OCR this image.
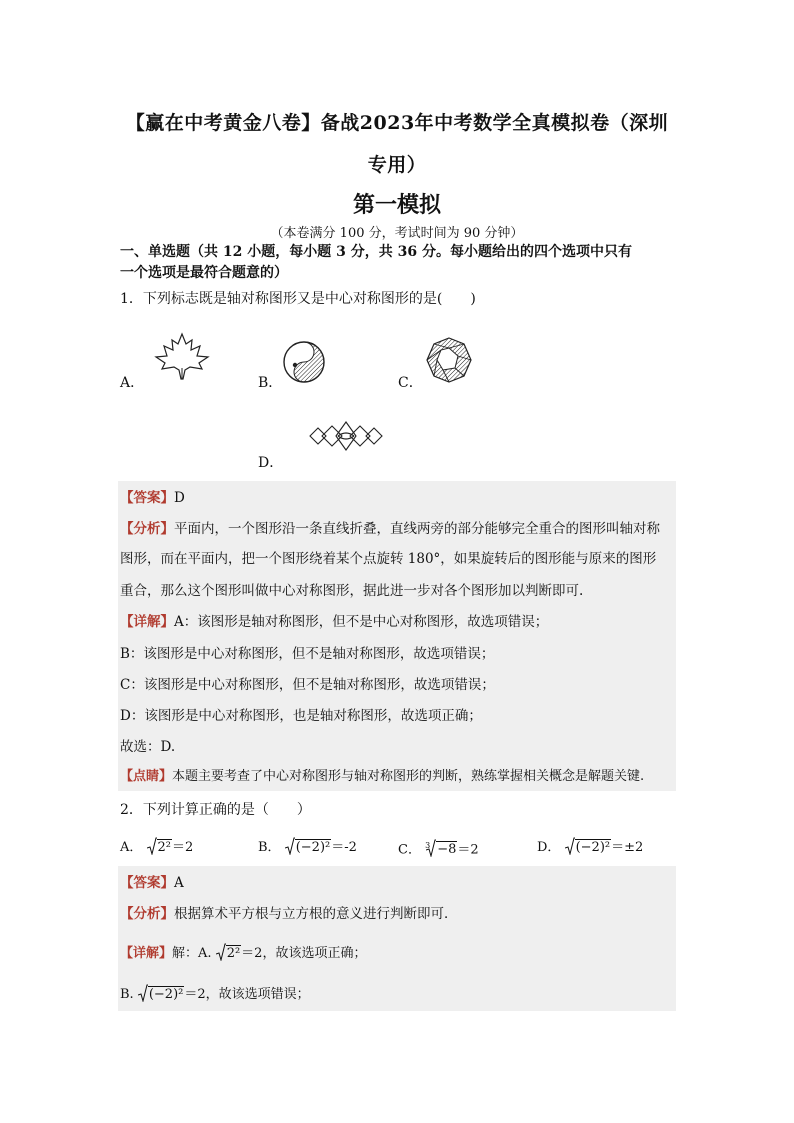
【赢在中考黄金八卷】备战2023年中考数学全真模拟卷（深圳
专用）
第一模拟
（本卷满分 100 分，考试时间为 90 分钟）
一、单选题（共 12 小题，每小题 3 分，共 36 分。每小题给出的四个选项中只有
一个选项是最符合题意的）
1．下列标志既是轴对称图形又是中心对称图形的是(　　)
A．	B．	C．
D．
【答案】D
【分析】平面内，一个图形沿一条直线折叠，直线两旁的部分能够完全重合的图形叫轴对称
图形，而在平面内，把一个图形绕着某个点旋转 180°，如果旋转后的图形能与原来的图形
重合，那么这个图形叫做中心对称图形，据此进一步对各个图形加以判断即可.
【详解】A：该图形是轴对称图形，但不是中心对称图形，故选项错误；
B：该图形是中心对称图形，但不是轴对称图形，故选项错误；
C：该图形是中心对称图形，但不是轴对称图形，故选项错误；
D：该图形是中心对称图形，也是轴对称图形，故选项正确；
故选：D.
【点睛】本题主要考查了中心对称图形与轴对称图形的判断，熟练掌握相关概念是解题关键.
2．下列计算正确的是（　　）
A． 2²＝2	B． (−2)²＝-2	C． $^3$ −8＝2	D． (−2)²＝±2
【答案】A
【分析】根据算术平方根与立方根的意义进行判断即可．
【详解】解：A. 2²＝2，故该选项正确；
B. (−2)²＝2，故该选项错误；
